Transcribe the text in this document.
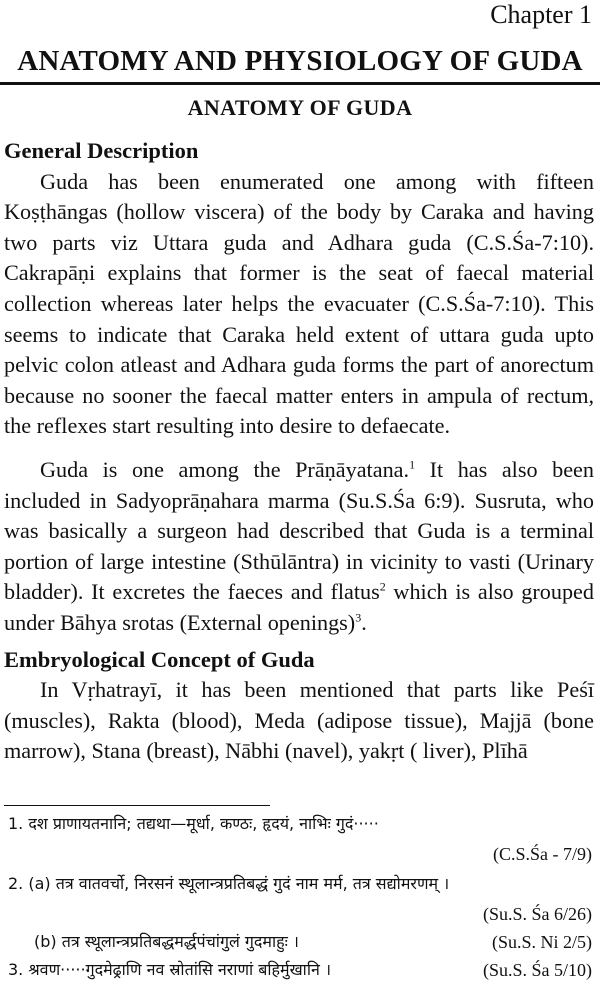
Chapter 1
ANATOMY AND PHYSIOLOGY OF GUDA
ANATOMY OF GUDA
General Description

Guda has been enumerated one among with fifteen Koṣṭhāngas (hollow viscera) of the body by Caraka and having two parts viz Uttara guda and Adhara guda (C.S.Śa-7:10). Cakrapāṇi explains that former is the seat of faecal material collection whereas later helps the evacuater (C.S.Śa-7:10). This seems to indicate that Caraka held extent of uttara guda upto pelvic colon atleast and Adhara guda forms the part of anorectum because no sooner the faecal matter enters in ampula of rectum, the reflexes start resulting into desire to defaecate.

Guda is one among the Prāṇāyatana.$^1$ It has also been included in Sadyoprāṇahara marma (Su.S.Śa 6:9). Susruta, who was basically a surgeon had described that Guda is a terminal portion of large intestine (Sthūlāntra) in vicinity to vasti (Urinary bladder). It excretes the faeces and flatus$^2$ which is also grouped under Bāhya srotas (External openings)$^3$.

Embryological Concept of Guda

In Vṛhatrayī, it has been mentioned that parts like Peśī (muscles), Rakta (blood), Meda (adipose tissue), Majjā (bone marrow), Stana (breast), Nābhi (navel), yakṛt ( liver), Plīhā

1. दश प्राणायतनानि; तद्यथा—मूर्धा, कण्ठः, हृदयं, नाभिः गुदं·····
(C.S.Śa - 7/9)
2. (a) तत्र वातवर्चो, निरसनं स्थूलान्त्रप्रतिबद्धं गुदं नाम मर्म, तत्र सद्योमरणम् ।
(Su.S. Śa 6/26)
(b) तत्र स्थूलान्त्रप्रतिबद्धमर्द्धपंचांगुलं गुदमाहुः ।	(Su.S. Ni 2/5)
3. श्रवण·····गुदमेढ्राणि नव स्रोतांसि नराणां बहिर्मुखानि ।	(Su.S. Śa 5/10)
